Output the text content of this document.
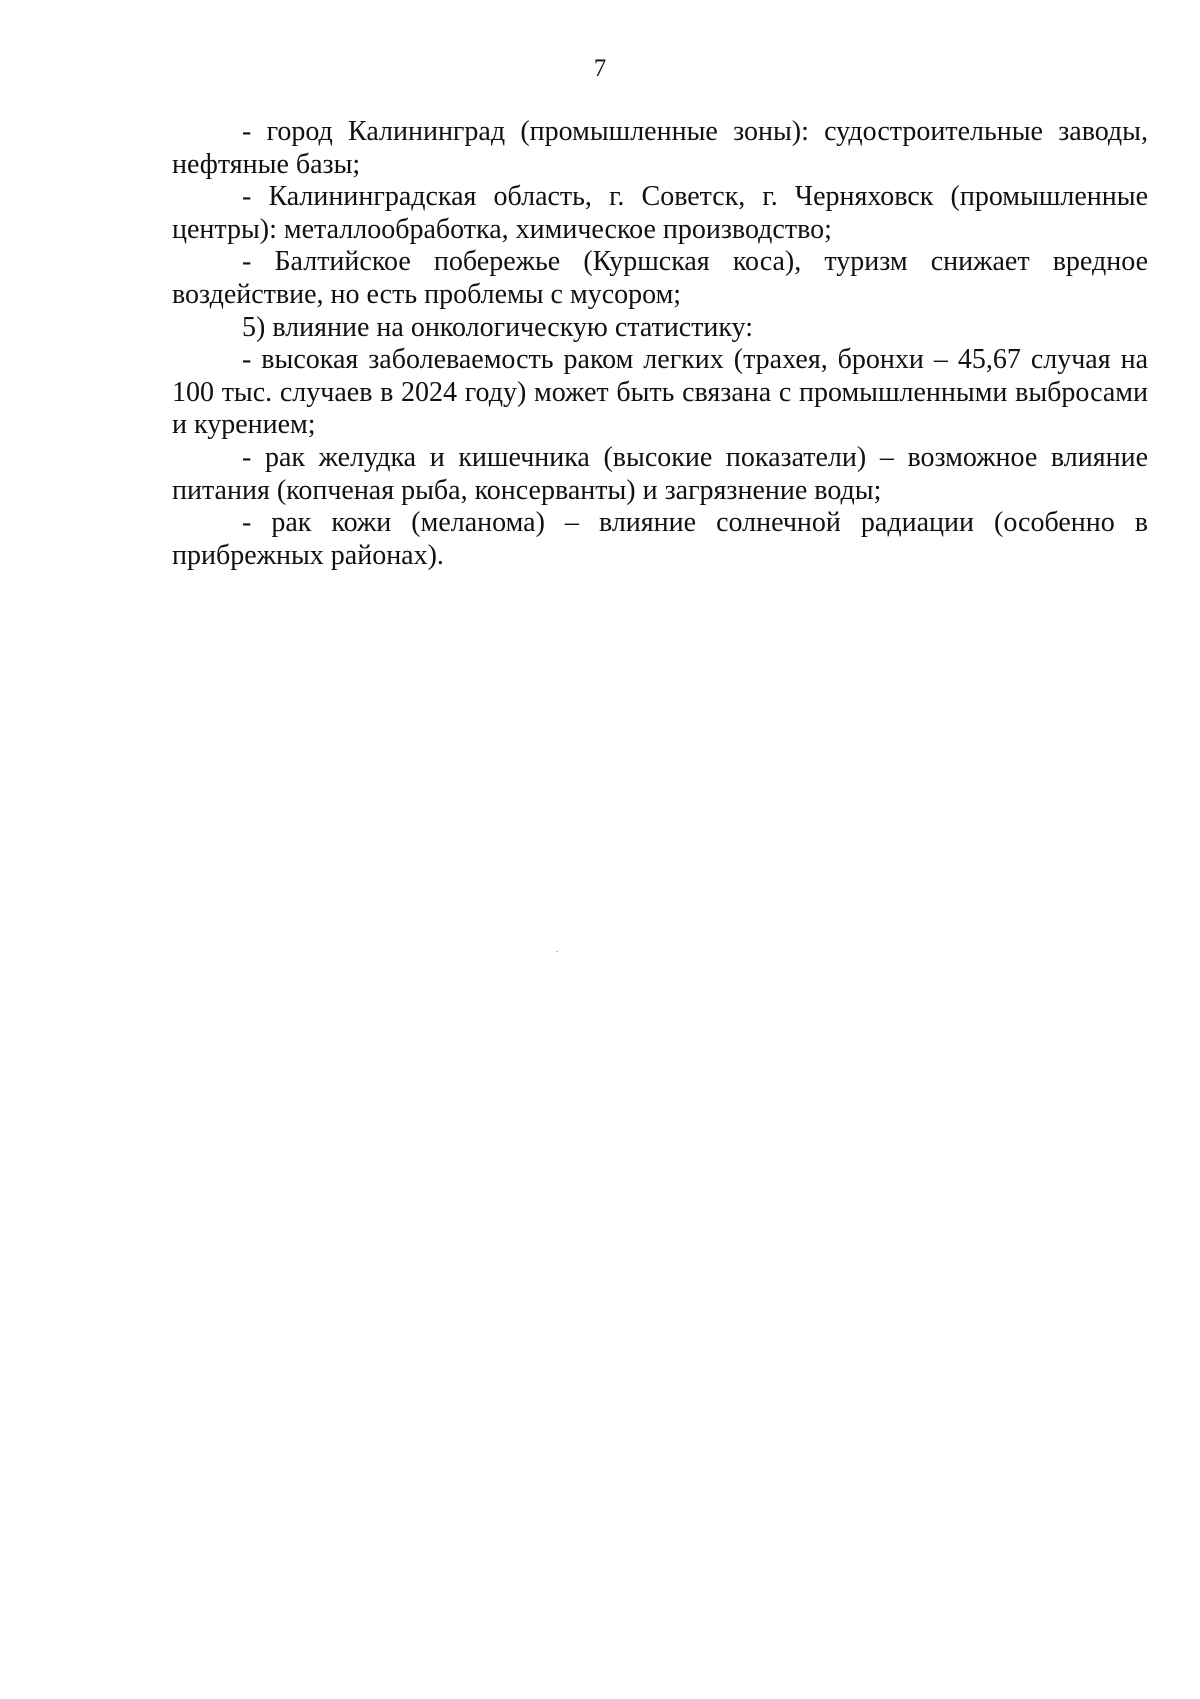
7

- город Калининград (промышленные зоны): судостроительные заводы, нефтяные базы;

- Калининградская область, г. Советск, г. Черняховск (промышленные центры): металлообработка, химическое производство;

- Балтийское побережье (Куршская коса), туризм снижает вредное воздействие, но есть проблемы с мусором;

5) влияние на онкологическую статистику:

- высокая заболеваемость раком легких (трахея, бронхи – 45,67 случая на 100 тыс. случаев в 2024 году) может быть связана с промышленными выбросами и курением;

- рак желудка и кишечника (высокие показатели) – возможное влияние питания (копченая рыба, консерванты) и загрязнение воды;

- рак кожи (меланома) – влияние солнечной радиации (особенно в прибрежных районах).
